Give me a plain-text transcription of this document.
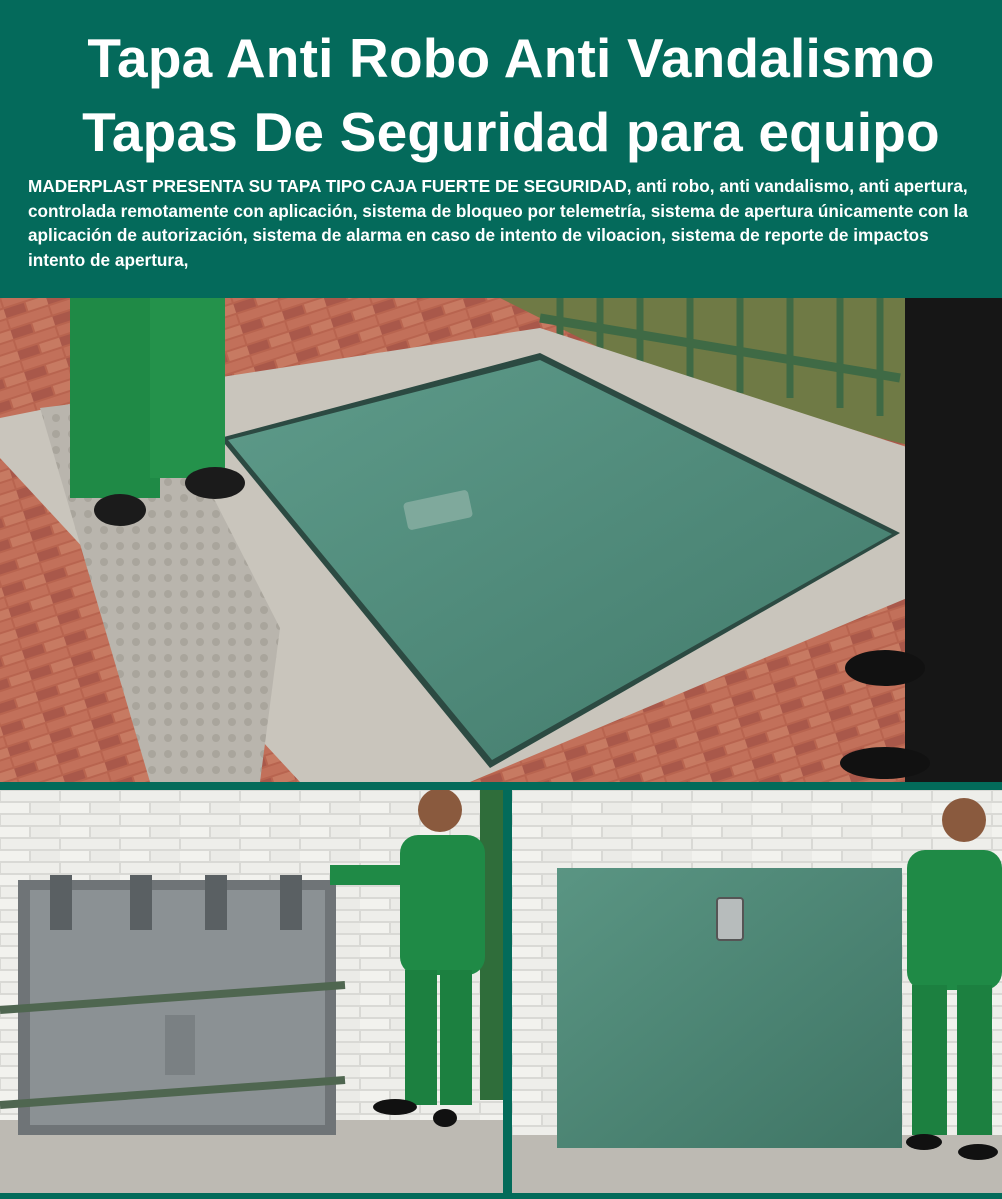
Tapa Anti Robo Anti Vandalismo
Tapas De Seguridad para equipo

MADERPLAST PRESENTA SU TAPA TIPO CAJA FUERTE DE SEGURIDAD, anti robo, anti vandalismo, anti apertura, controlada remotamente con aplicación, sistema de bloqueo por telemetría, sistema de apertura únicamente con la aplicación de autorización, sistema de alarma en caso de intento de viloacion, sistema de reporte de impactos intento de apertura,
